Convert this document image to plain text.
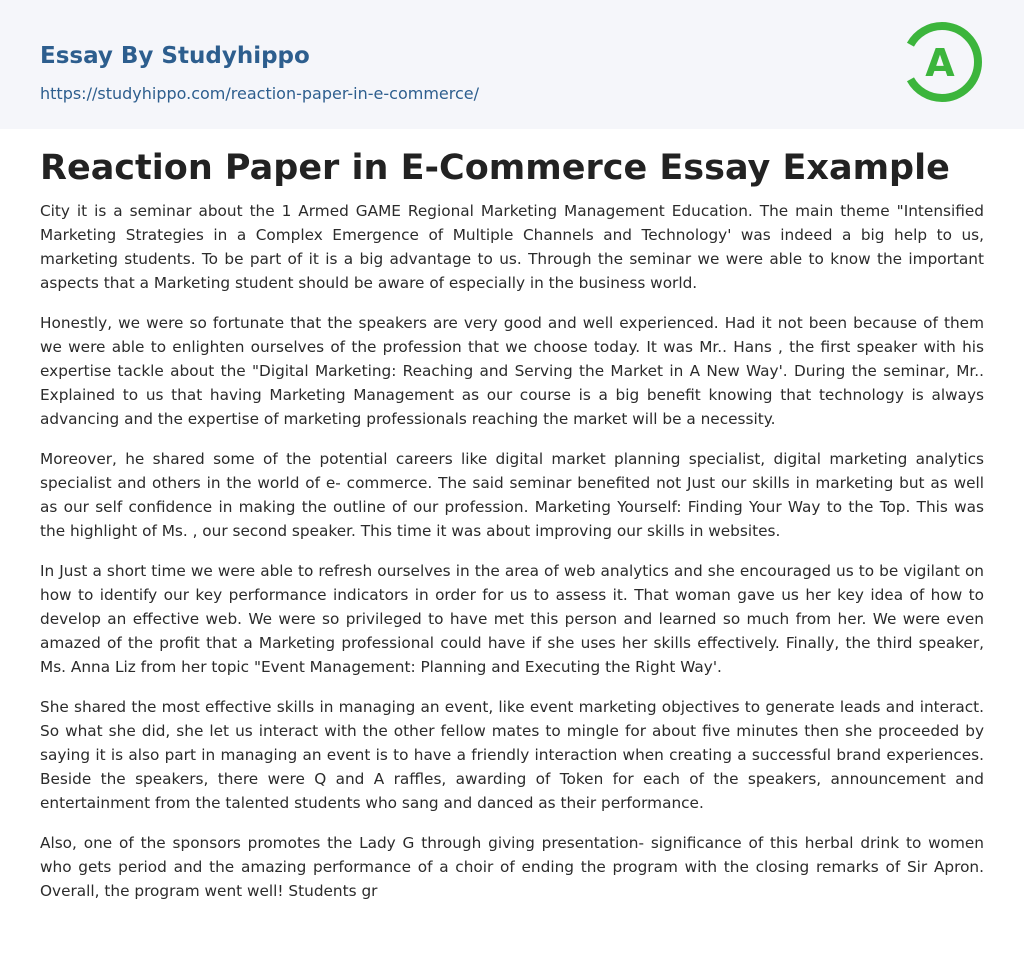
Essay By Studyhippo
https://studyhippo.com/reaction-paper-in-e-commerce/
A
Reaction Paper in E-Commerce Essay Example

City it is a seminar about the 1 Armed GAME Regional Marketing Management Education. The main theme "Intensified Marketing Strategies in a Complex Emergence of Multiple Channels and Technology' was indeed a big help to us, marketing students. To be part of it is a big advantage to us. Through the seminar we were able to know the important aspects that a Marketing student should be aware of especially in the business world.

Honestly, we were so fortunate that the speakers are very good and well experienced. Had it not been because of them we were able to enlighten ourselves of the profession that we choose today. It was Mr.. Hans , the first speaker with his expertise tackle about the "Digital Marketing: Reaching and Serving the Market in A New Way'. During the seminar, Mr.. Explained to us that having Marketing Management as our course is a big benefit knowing that technology is always advancing and the expertise of marketing professionals reaching the market will be a necessity.

Moreover, he shared some of the potential careers like digital market planning specialist, digital marketing analytics specialist and others in the world of e- commerce. The said seminar benefited not Just our skills in marketing but as well as our self confidence in making the outline of our profession. Marketing Yourself: Finding Your Way to the Top. This was the highlight of Ms. , our second speaker. This time it was about improving our skills in websites.

In Just a short time we were able to refresh ourselves in the area of web analytics and she encouraged us to be vigilant on how to identify our key performance indicators in order for us to assess it. That woman gave us her key idea of how to develop an effective web. We were so privileged to have met this person and learned so much from her. We were even amazed of the profit that a Marketing professional could have if she uses her skills effectively. Finally, the third speaker, Ms. Anna Liz from her topic "Event Management: Planning and Executing the Right Way'.

She shared the most effective skills in managing an event, like event marketing objectives to generate leads and interact. So what she did, she let us interact with the other fellow mates to mingle for about five minutes then she proceeded by saying it is also part in managing an event is to have a friendly interaction when creating a successful brand experiences. Beside the speakers, there were Q and A raffles, awarding of Token for each of the speakers, announcement and entertainment from the talented students who sang and danced as their performance.

Also, one of the sponsors promotes the Lady G through giving presentation- significance of this herbal drink to women who gets period and the amazing performance of a choir of ending the program with the closing remarks of Sir Apron. Overall, the program went well! Students gr
